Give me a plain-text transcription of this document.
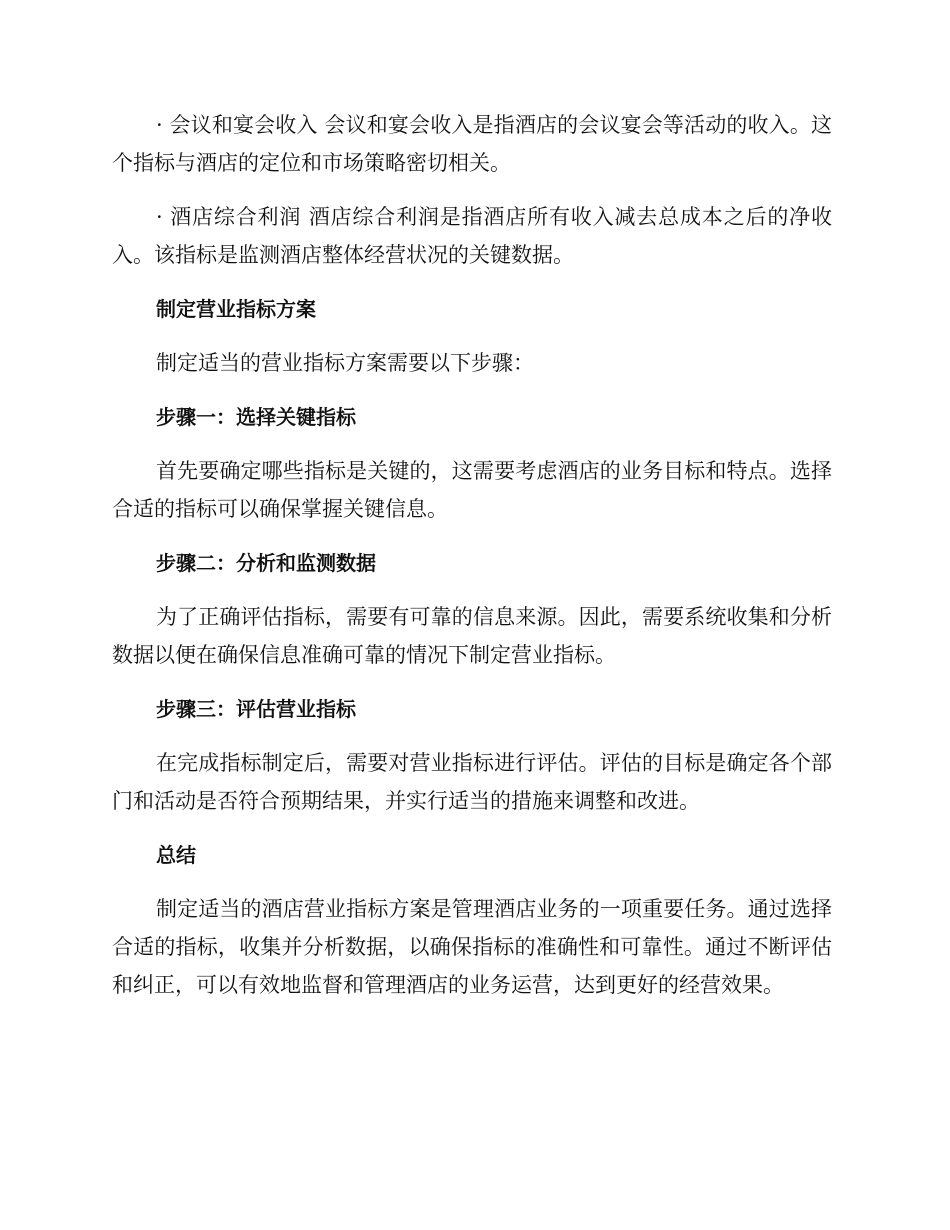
· 会议和宴会收入 会议和宴会收入是指酒店的会议宴会等活动的收入。这个指标与酒店的定位和市场策略密切相关。

· 酒店综合利润 酒店综合利润是指酒店所有收入减去总成本之后的净收入。该指标是监测酒店整体经营状况的关键数据。

制定营业指标方案

制定适当的营业指标方案需要以下步骤：

步骤一：选择关键指标

首先要确定哪些指标是关键的，这需要考虑酒店的业务目标和特点。选择合适的指标可以确保掌握关键信息。

步骤二：分析和监测数据

为了正确评估指标，需要有可靠的信息来源。因此，需要系统收集和分析数据以便在确保信息准确可靠的情况下制定营业指标。

步骤三：评估营业指标

在完成指标制定后，需要对营业指标进行评估。评估的目标是确定各个部门和活动是否符合预期结果，并实行适当的措施来调整和改进。

总结

制定适当的酒店营业指标方案是管理酒店业务的一项重要任务。通过选择合适的指标，收集并分析数据，以确保指标的准确性和可靠性。通过不断评估和纠正，可以有效地监督和管理酒店的业务运营，达到更好的经营效果。
